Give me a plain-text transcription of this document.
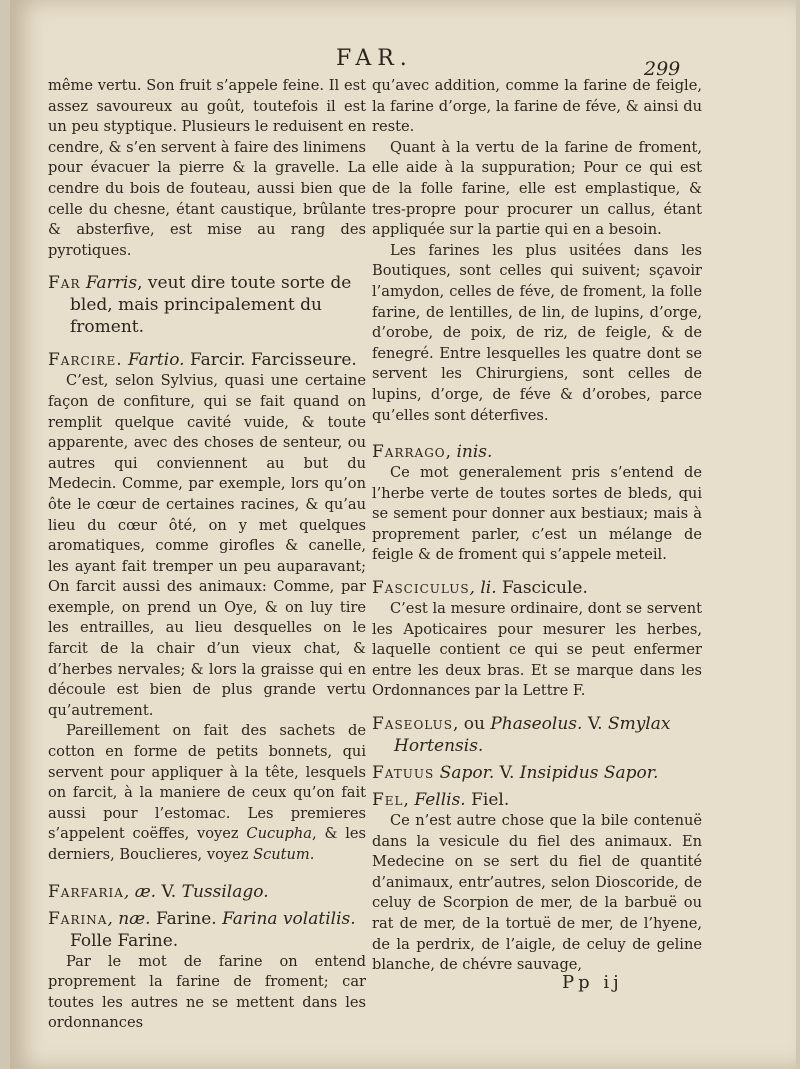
FAR.	299

même vertu. Son fruit s’appele feine. Il est assez savoureux au goût, toutefois il est un peu styptique. Plusieurs le reduisent en cendre, & s’en servent à faire des linimens pour évacuer la pierre & la gravelle. La cendre du bois de fouteau, aussi bien que celle du chesne, étant caustique, brûlante & absterfive, est mise au rang des pyrotiques.

Far Farris, veut dire toute sorte de bled, mais principalement du froment.

Farcire. Fartio. Farcir. Farcisseure.

C’est, selon Sylvius, quasi une certaine façon de confiture, qui se fait quand on remplit quelque cavité vuide, & toute apparente, avec des choses de senteur, ou autres qui conviennent au but du Medecin. Comme, par exemple, lors qu’on ôte le cœur de certaines racines, & qu’au lieu du cœur ôté, on y met quelques aromatiques, comme girofles & canelle, les ayant fait tremper un peu auparavant; On farcit aussi des animaux: Comme, par exemple, on prend un Oye, & on luy tire les entrailles, au lieu desquelles on le farcit de la chair d’un vieux chat, & d’herbes nervales; & lors la graisse qui en découle est bien de plus grande vertu qu’autrement.

Pareillement on fait des sachets de cotton en forme de petits bonnets, qui servent pour appliquer à la tête, lesquels on farcit, à la maniere de ceux qu’on fait aussi pour l’estomac. Les premieres s’appelent coëffes, voyez Cucupha, & les derniers, Bouclieres, voyez Scutum.

Farfaria, æ. V. Tussilago.

Farina, næ. Farine. Farina volatilis. Folle Farine.

Par le mot de farine on entend proprement la farine de froment; car toutes les autres ne se mettent dans les ordonnances

qu’avec addition, comme la farine de feigle, la farine d’orge, la farine de féve, & ainsi du reste.

Quant à la vertu de la farine de froment, elle aide à la suppuration; Pour ce qui est de la folle farine, elle est emplastique, & tres-propre pour procurer un callus, étant appliquée sur la partie qui en a besoin.

Les farines les plus usitées dans les Boutiques, sont celles qui suivent; sçavoir l’amydon, celles de féve, de froment, la folle farine, de lentilles, de lin, de lupins, d’orge, d’orobe, de poix, de riz, de feigle, & de fenegré. Entre lesquelles les quatre dont se servent les Chirurgiens, sont celles de lupins, d’orge, de féve & d’orobes, parce qu’elles sont déterfives.

Farrago, inis.

Ce mot generalement pris s’entend de l’herbe verte de toutes sortes de bleds, qui se sement pour donner aux bestiaux; mais à proprement parler, c’est un mélange de feigle & de froment qui s’appele meteil.

Fasciculus, li. Fascicule.

C’est la mesure ordinaire, dont se servent les Apoticaires pour mesurer les herbes, laquelle contient ce qui se peut enfermer entre les deux bras. Et se marque dans les Ordonnances par la Lettre F.

Faseolus, ou Phaseolus. V. Smylax Hortensis.

Fatuus Sapor. V. Insipidus Sapor.

Fel, Fellis. Fiel.

Ce n’est autre chose que la bile contenuë dans la vesicule du fiel des animaux. En Medecine on se sert du fiel de quantité d’animaux, entr’autres, selon Dioscoride, de celuy de Scorpion de mer, de la barbuë ou rat de mer, de la tortuë de mer, de l’hyene, de la perdrix, de l’aigle, de celuy de geline blanche, de chévre sauvage,

Pp ij
